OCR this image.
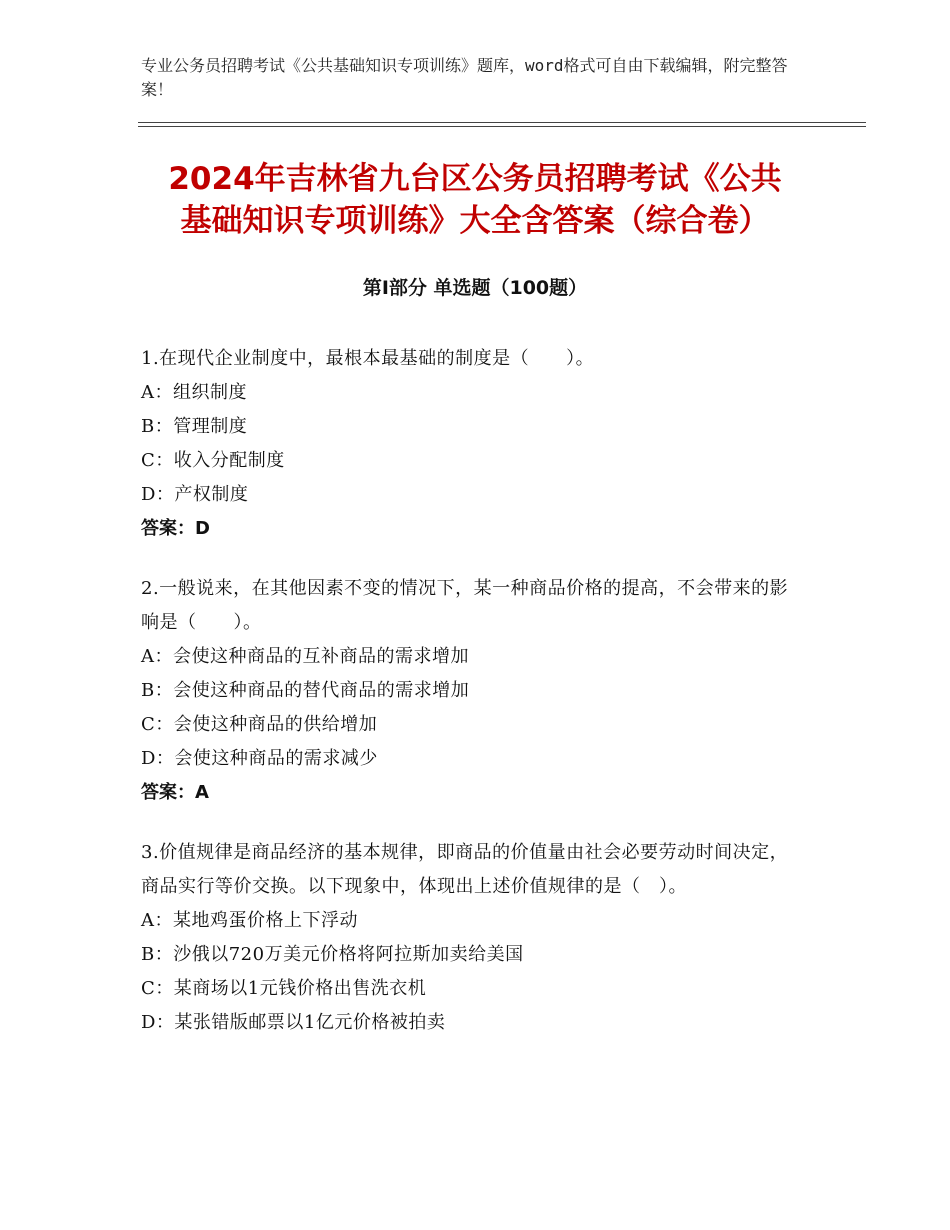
专业公务员招聘考试《公共基础知识专项训练》题库，word格式可自由下载编辑，附完整答案！
2024年吉林省九台区公务员招聘考试《公共
基础知识专项训练》大全含答案（综合卷）
第Ⅰ部分 单选题（100题）
1.在现代企业制度中，最根本最基础的制度是（　　）。
A：组织制度
B：管理制度
C：收入分配制度
D：产权制度
答案：D
2.一般说来，在其他因素不变的情况下，某一种商品价格的提高，不会带来的影响是（　　）。
A：会使这种商品的互补商品的需求增加
B：会使这种商品的替代商品的需求增加
C：会使这种商品的供给增加
D：会使这种商品的需求减少
答案：A
3.价值规律是商品经济的基本规律，即商品的价值量由社会必要劳动时间决定，商品实行等价交换。以下现象中，体现出上述价值规律的是（　）。
A：某地鸡蛋价格上下浮动
B：沙俄以720万美元价格将阿拉斯加卖给美国
C：某商场以1元钱价格出售洗衣机
D：某张错版邮票以1亿元价格被拍卖
